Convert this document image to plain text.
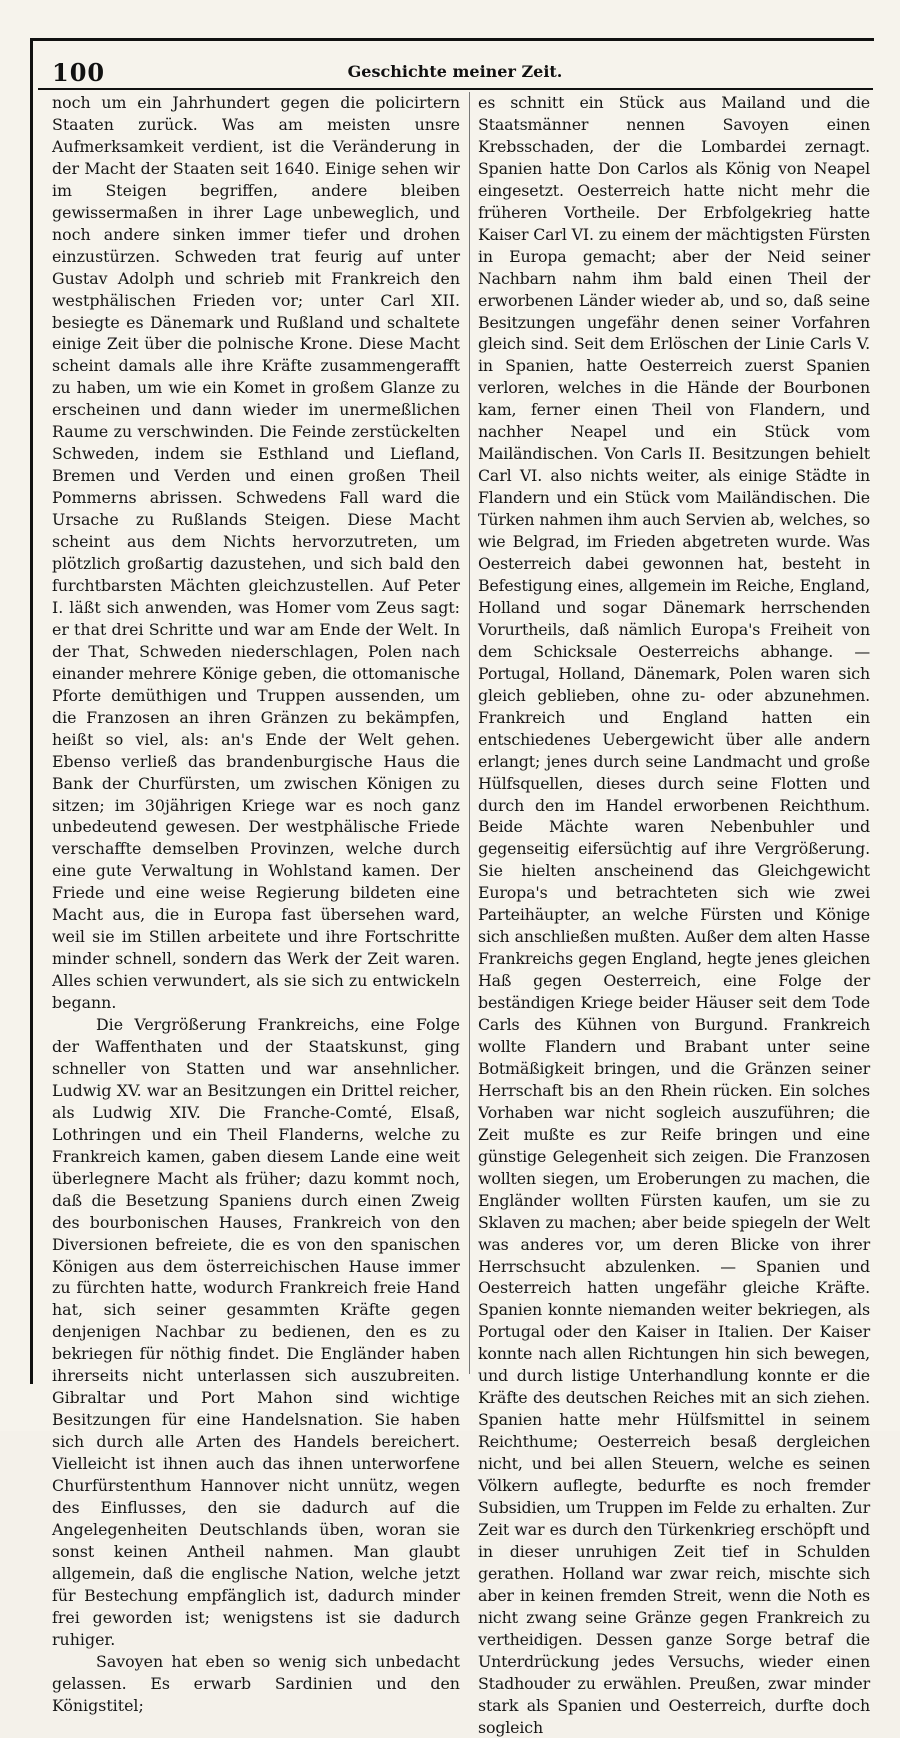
100	Geschichte meiner Zeit.

noch um ein Jahrhundert gegen die policirtern Staaten zurück. Was am meisten unsre Aufmerksamkeit verdient, ist die Veränderung in der Macht der Staaten seit 1640. Einige sehen wir im Steigen begriffen, andere bleiben gewissermaßen in ihrer Lage unbeweglich, und noch andere sinken immer tiefer und drohen einzustürzen. Schweden trat feurig auf unter Gustav Adolph und schrieb mit Frankreich den westphälischen Frieden vor; unter Carl XII. besiegte es Dänemark und Rußland und schaltete einige Zeit über die polnische Krone. Diese Macht scheint damals alle ihre Kräfte zusammengerafft zu haben, um wie ein Komet in großem Glanze zu erscheinen und dann wieder im unermeßlichen Raume zu verschwinden. Die Feinde zerstückelten Schweden, indem sie Esthland und Liefland, Bremen und Verden und einen großen Theil Pommerns abrissen. Schwedens Fall ward die Ursache zu Rußlands Steigen. Diese Macht scheint aus dem Nichts hervorzutreten, um plötzlich großartig dazustehen, und sich bald den furchtbarsten Mächten gleichzustellen. Auf Peter I. läßt sich anwenden, was Homer vom Zeus sagt: er that drei Schritte und war am Ende der Welt. In der That, Schweden niederschlagen, Polen nach einander mehrere Könige geben, die ottomanische Pforte demüthigen und Truppen aussenden, um die Franzosen an ihren Gränzen zu bekämpfen, heißt so viel, als: an's Ende der Welt gehen. Ebenso verließ das brandenburgische Haus die Bank der Churfürsten, um zwischen Königen zu sitzen; im 30jährigen Kriege war es noch ganz unbedeutend gewesen. Der westphälische Friede verschaffte demselben Provinzen, welche durch eine gute Verwaltung in Wohlstand kamen. Der Friede und eine weise Regierung bildeten eine Macht aus, die in Europa fast übersehen ward, weil sie im Stillen arbeitete und ihre Fortschritte minder schnell, sondern das Werk der Zeit waren. Alles schien verwundert, als sie sich zu entwickeln begann.

Die Vergrößerung Frankreichs, eine Folge der Waffenthaten und der Staatskunst, ging schneller von Statten und war ansehnlicher. Ludwig XV. war an Besitzungen ein Drittel reicher, als Ludwig XIV. Die Franche-Comté, Elsaß, Lothringen und ein Theil Flanderns, welche zu Frankreich kamen, gaben diesem Lande eine weit überlegnere Macht als früher; dazu kommt noch, daß die Besetzung Spaniens durch einen Zweig des bourbonischen Hauses, Frankreich von den Diversionen befreiete, die es von den spanischen Königen aus dem österreichischen Hause immer zu fürchten hatte, wodurch Frankreich freie Hand hat, sich seiner gesammten Kräfte gegen denjenigen Nachbar zu bedienen, den es zu bekriegen für nöthig findet. Die Engländer haben ihrerseits nicht unterlassen sich auszubreiten. Gibraltar und Port Mahon sind wichtige Besitzungen für eine Handelsnation. Sie haben sich durch alle Arten des Handels bereichert. Vielleicht ist ihnen auch das ihnen unterworfene Churfürstenthum Hannover nicht unnütz, wegen des Einflusses, den sie dadurch auf die Angelegenheiten Deutschlands üben, woran sie sonst keinen Antheil nahmen. Man glaubt allgemein, daß die englische Nation, welche jetzt für Bestechung empfänglich ist, dadurch minder frei geworden ist; wenigstens ist sie dadurch ruhiger.

Savoyen hat eben so wenig sich unbedacht gelassen. Es erwarb Sardinien und den Königstitel;

es schnitt ein Stück aus Mailand und die Staatsmänner nennen Savoyen einen Krebsschaden, der die Lombardei zernagt. Spanien hatte Don Carlos als König von Neapel eingesetzt. Oesterreich hatte nicht mehr die früheren Vortheile. Der Erbfolgekrieg hatte Kaiser Carl VI. zu einem der mächtigsten Fürsten in Europa gemacht; aber der Neid seiner Nachbarn nahm ihm bald einen Theil der erworbenen Länder wieder ab, und so, daß seine Besitzungen ungefähr denen seiner Vorfahren gleich sind. Seit dem Erlöschen der Linie Carls V. in Spanien, hatte Oesterreich zuerst Spanien verloren, welches in die Hände der Bourbonen kam, ferner einen Theil von Flandern, und nachher Neapel und ein Stück vom Mailändischen. Von Carls II. Besitzungen behielt Carl VI. also nichts weiter, als einige Städte in Flandern und ein Stück vom Mailändischen. Die Türken nahmen ihm auch Servien ab, welches, so wie Belgrad, im Frieden abgetreten wurde. Was Oesterreich dabei gewonnen hat, besteht in Befestigung eines, allgemein im Reiche, England, Holland und sogar Dänemark herrschenden Vorurtheils, daß nämlich Europa's Freiheit von dem Schicksale Oesterreichs abhange. — Portugal, Holland, Dänemark, Polen waren sich gleich geblieben, ohne zu- oder abzunehmen. Frankreich und England hatten ein entschiedenes Uebergewicht über alle andern erlangt; jenes durch seine Landmacht und große Hülfsquellen, dieses durch seine Flotten und durch den im Handel erworbenen Reichthum. Beide Mächte waren Nebenbuhler und gegenseitig eifersüchtig auf ihre Vergrößerung. Sie hielten anscheinend das Gleichgewicht Europa's und betrachteten sich wie zwei Parteihäupter, an welche Fürsten und Könige sich anschließen mußten. Außer dem alten Hasse Frankreichs gegen England, hegte jenes gleichen Haß gegen Oesterreich, eine Folge der beständigen Kriege beider Häuser seit dem Tode Carls des Kühnen von Burgund. Frankreich wollte Flandern und Brabant unter seine Botmäßigkeit bringen, und die Gränzen seiner Herrschaft bis an den Rhein rücken. Ein solches Vorhaben war nicht sogleich auszuführen; die Zeit mußte es zur Reife bringen und eine günstige Gelegenheit sich zeigen. Die Franzosen wollten siegen, um Eroberungen zu machen, die Engländer wollten Fürsten kaufen, um sie zu Sklaven zu machen; aber beide spiegeln der Welt was anderes vor, um deren Blicke von ihrer Herrschsucht abzulenken. — Spanien und Oesterreich hatten ungefähr gleiche Kräfte. Spanien konnte niemanden weiter bekriegen, als Portugal oder den Kaiser in Italien. Der Kaiser konnte nach allen Richtungen hin sich bewegen, und durch listige Unterhandlung konnte er die Kräfte des deutschen Reiches mit an sich ziehen. Spanien hatte mehr Hülfsmittel in seinem Reichthume; Oesterreich besaß dergleichen nicht, und bei allen Steuern, welche es seinen Völkern auflegte, bedurfte es noch fremder Subsidien, um Truppen im Felde zu erhalten. Zur Zeit war es durch den Türkenkrieg erschöpft und in dieser unruhigen Zeit tief in Schulden gerathen. Holland war zwar reich, mischte sich aber in keinen fremden Streit, wenn die Noth es nicht zwang seine Gränze gegen Frankreich zu vertheidigen. Dessen ganze Sorge betraf die Unterdrückung jedes Versuchs, wieder einen Stadhouder zu erwählen. Preußen, zwar minder stark als Spanien und Oesterreich, durfte doch sogleich
